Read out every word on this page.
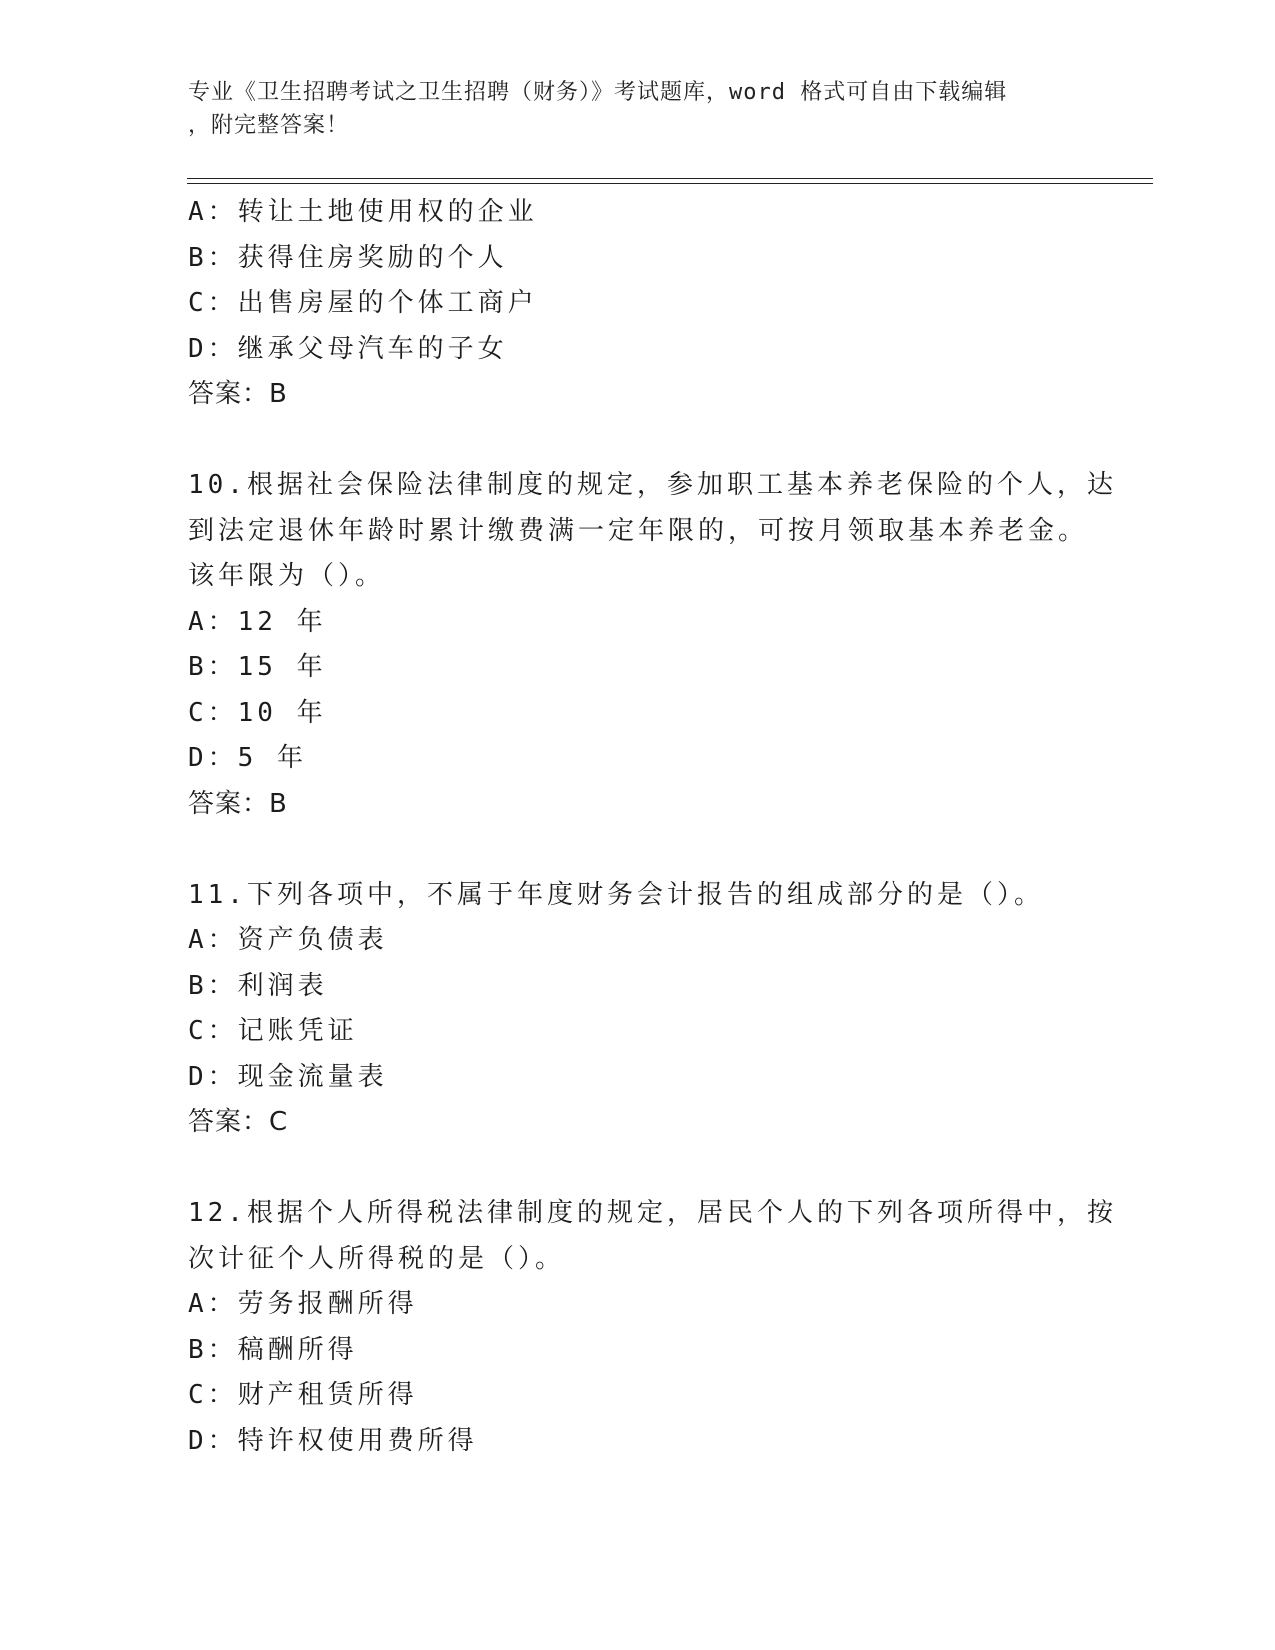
专业《卫生招聘考试之卫生招聘（财务）》考试题库，word 格式可自由下载编辑
，附完整答案！
A：转让土地使用权的企业
B：获得住房奖励的个人
C：出售房屋的个体工商户
D：继承父母汽车的子女
答案：B
10.根据社会保险法律制度的规定，参加职工基本养老保险的个人，达
到法定退休年龄时累计缴费满一定年限的，可按月领取基本养老金。
该年限为（）。
A：12 年
B：15 年
C：10 年
D：5 年
答案：B
11.下列各项中，不属于年度财务会计报告的组成部分的是（）。
A：资产负债表
B：利润表
C：记账凭证
D：现金流量表
答案：C
12.根据个人所得税法律制度的规定，居民个人的下列各项所得中，按
次计征个人所得税的是（）。
A：劳务报酬所得
B：稿酬所得
C：财产租赁所得
D：特许权使用费所得
